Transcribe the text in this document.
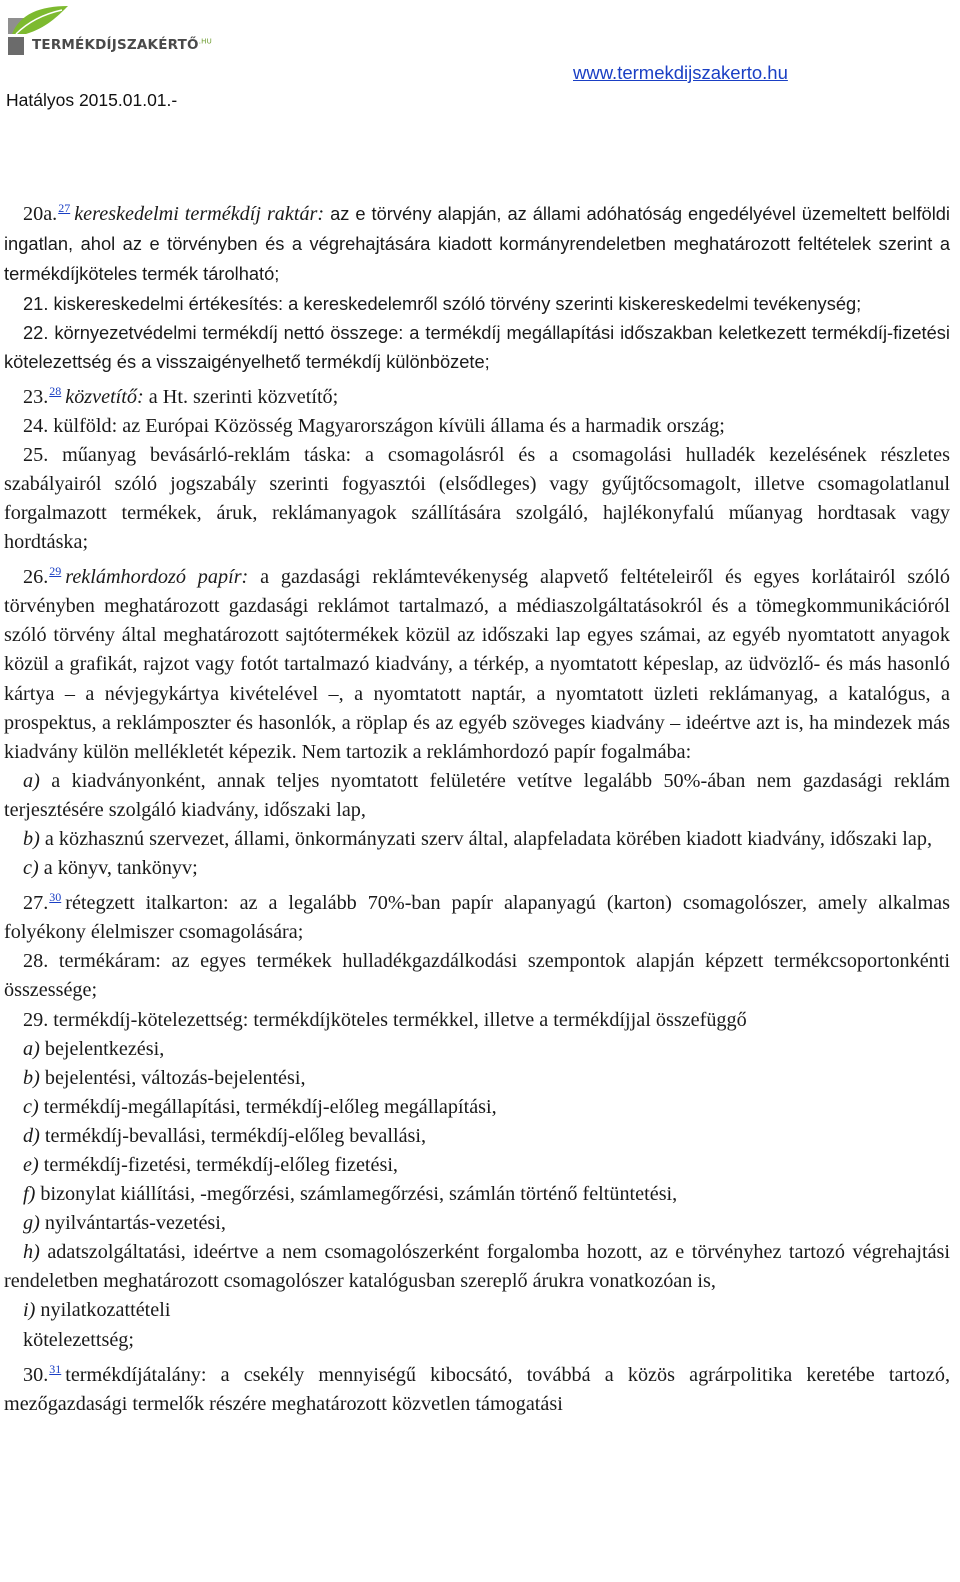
$TERMÉKDÍJSZAKÉRTŐ^{.HU}$
www.termekdijszakerto.hu
Hatályos 2015.01.01.-

20a.$^{27}$ kereskedelmi termékdíj raktár: az e törvény alapján, az állami adóhatóság engedélyével üzemeltett belföldi ingatlan, ahol az e törvényben és a végrehajtására kiadott kormányrendeletben meghatározott feltételek szerint a termékdíjköteles termék tárolható;

21. kiskereskedelmi értékesítés: a kereskedelemről szóló törvény szerinti kiskereskedelmi tevékenység;

22. környezetvédelmi termékdíj nettó összege: a termékdíj megállapítási időszakban keletkezett termékdíj-fizetési kötelezettség és a visszaigényelhető termékdíj különbözete;

23.28 közvetítő: a Ht. szerinti közvetítő;

24. külföld: az Európai Közösség Magyarországon kívüli állama és a harmadik ország;

25. műanyag bevásárló-reklám táska: a csomagolásról és a csomagolási hulladék kezelésének részletes szabályairól szóló jogszabály szerinti fogyasztói (elsődleges) vagy gyűjtőcsomagolt, illetve csomagolatlanul forgalmazott termékek, áruk, reklámanyagok szállítására szolgáló, hajlékonyfalú műanyag hordtasak vagy hordtáska;

26.29 reklámhordozó papír: a gazdasági reklámtevékenység alapvető feltételeiről és egyes korlátairól szóló törvényben meghatározott gazdasági reklámot tartalmazó, a médiaszolgáltatásokról és a tömegkommunikációról szóló törvény által meghatározott sajtótermékek közül az időszaki lap egyes számai, az egyéb nyomtatott anyagok közül a grafikát, rajzot vagy fotót tartalmazó kiadvány, a térkép, a nyomtatott képeslap, az üdvözlő- és más hasonló kártya – a névjegykártya kivételével –, a nyomtatott naptár, a nyomtatott üzleti reklámanyag, a katalógus, a prospektus, a reklámposzter és hasonlók, a röplap és az egyéb szöveges kiadvány – ideértve azt is, ha mindezek más kiadvány külön mellékletét képezik. Nem tartozik a reklámhordozó papír fogalmába:

a) a kiadványonként, annak teljes nyomtatott felületére vetítve legalább 50%-ában nem gazdasági reklám terjesztésére szolgáló kiadvány, időszaki lap,

b) a közhasznú szervezet, állami, önkormányzati szerv által, alapfeladata körében kiadott kiadvány, időszaki lap,

c) a könyv, tankönyv;

27.30 rétegzett italkarton: az a legalább 70%-ban papír alapanyagú (karton) csomagolószer, amely alkalmas folyékony élelmiszer csomagolására;

28. termékáram: az egyes termékek hulladékgazdálkodási szempontok alapján képzett termékcsoportonkénti összessége;

29. termékdíj-kötelezettség: termékdíjköteles termékkel, illetve a termékdíjjal összefüggő

a) bejelentkezési,

b) bejelentési, változás-bejelentési,

c) termékdíj-megállapítási, termékdíj-előleg megállapítási,

d) termékdíj-bevallási, termékdíj-előleg bevallási,

e) termékdíj-fizetési, termékdíj-előleg fizetési,

f) bizonylat kiállítási, -megőrzési, számlamegőrzési, számlán történő feltüntetési,

g) nyilvántartás-vezetési,

h) adatszolgáltatási, ideértve a nem csomagolószerként forgalomba hozott, az e törvényhez tartozó végrehajtási rendeletben meghatározott csomagolószer katalógusban szereplő árukra vonatkozóan is,

i) nyilatkozattételi

kötelezettség;

30.31 termékdíjátalány: a csekély mennyiségű kibocsátó, továbbá a közös agrárpolitika keretébe tartozó, mezőgazdasági termelők részére meghatározott közvetlen támogatási
